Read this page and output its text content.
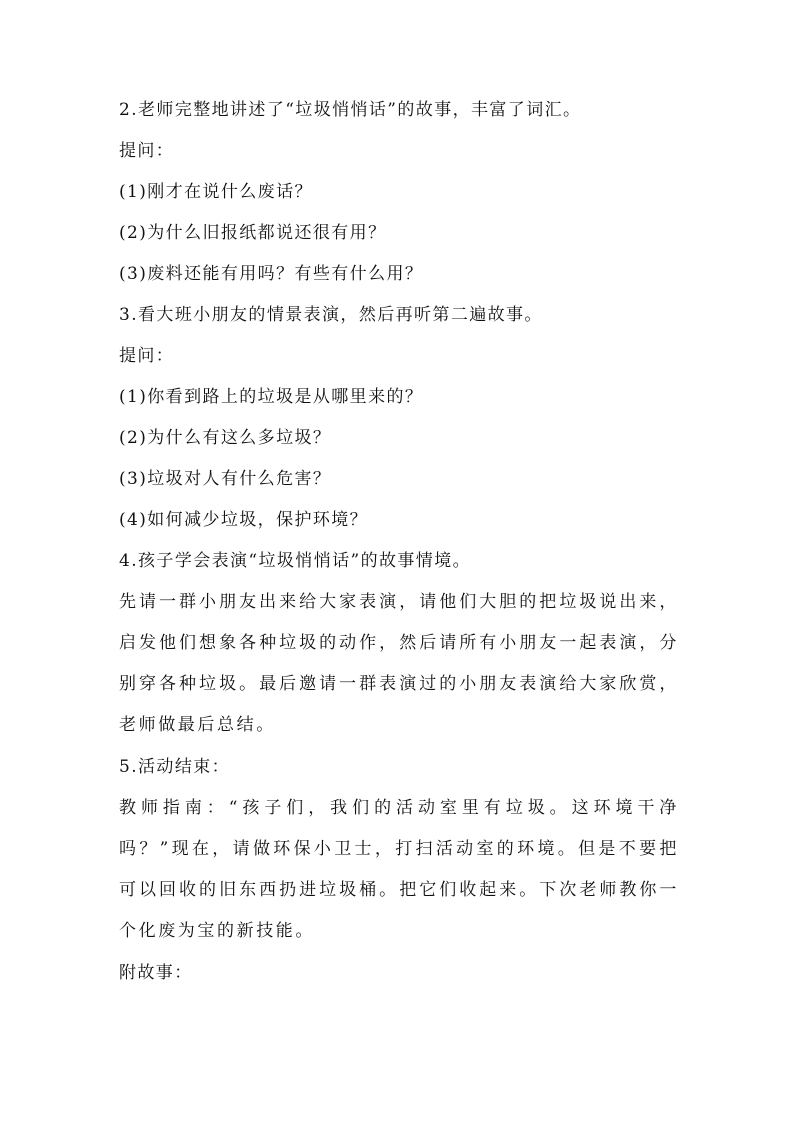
2.老师完整地讲述了“垃圾悄悄话”的故事，丰富了词汇。
提问：
(1)刚才在说什么废话？
(2)为什么旧报纸都说还很有用？
(3)废料还能有用吗？有些有什么用？
3.看大班小朋友的情景表演，然后再听第二遍故事。
提问：
(1)你看到路上的垃圾是从哪里来的？
(2)为什么有这么多垃圾？
(3)垃圾对人有什么危害？
(4)如何减少垃圾，保护环境？
4.孩子学会表演“垃圾悄悄话”的故事情境。
先请一群小朋友出来给大家表演，请他们大胆的把垃圾说出来，启发他们想象各种垃圾的动作，然后请所有小朋友一起表演，分别穿各种垃圾。最后邀请一群表演过的小朋友表演给大家欣赏，老师做最后总结。
5.活动结束：
教师指南：“孩子们，我们的活动室里有垃圾。这环境干净吗？”现在，请做环保小卫士，打扫活动室的环境。但是不要把可以回收的旧东西扔进垃圾桶。把它们收起来。下次老师教你一个化废为宝的新技能。
附故事：
